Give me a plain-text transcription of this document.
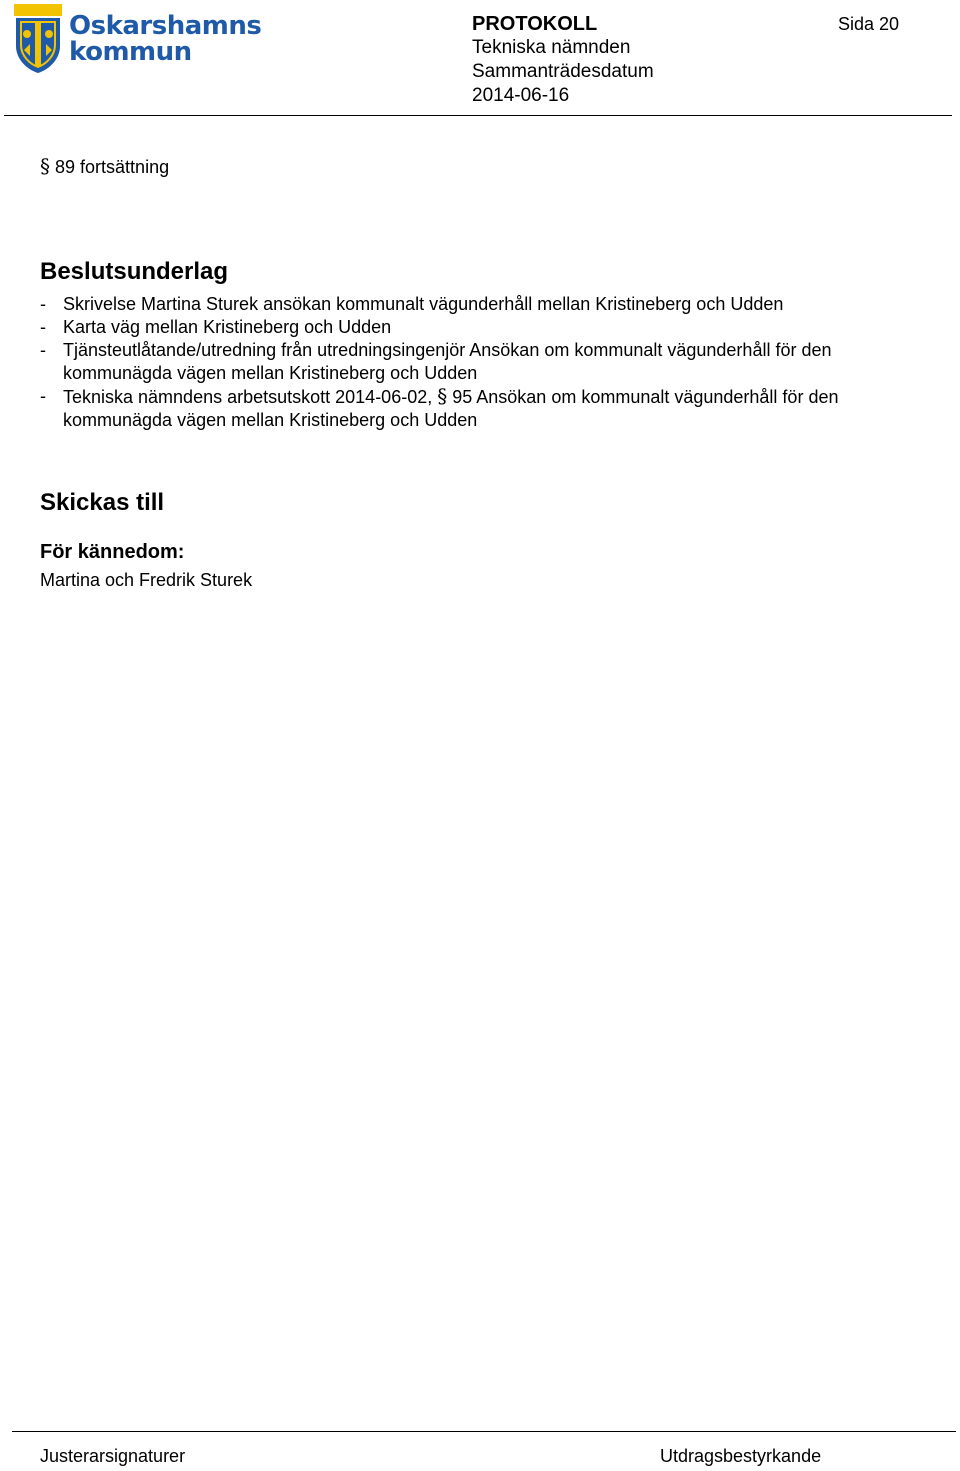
Oskarshamns
kommun
PROTOKOLL
Tekniska nämnden
Sammanträdesdatum
2014-06-16
Sida 20
§ 89 fortsättning
Beslutsunderlag
- Skrivelse Martina Sturek ansökan kommunalt vägunderhåll mellan Kristineberg och Udden
- Karta väg mellan Kristineberg och Udden
- Tjänsteutlåtande/utredning från utredningsingenjör Ansökan om kommunalt vägunderhåll för den kommunägda vägen mellan Kristineberg och Udden
- Tekniska nämndens arbetsutskott 2014-06-02, § 95 Ansökan om kommunalt vägunderhåll för den kommunägda vägen mellan Kristineberg och Udden
Skickas till
För kännedom:
Martina och Fredrik Sturek
Justerarsignaturer	Utdragsbestyrkande
